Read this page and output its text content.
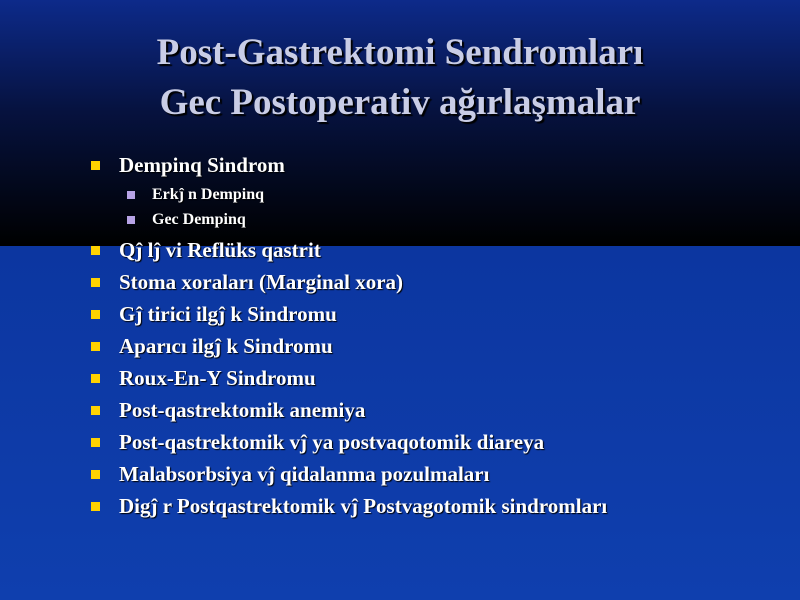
Post-Gastrektomi Sendromları
Gec Postoperativ ağırlaşmalar
Dempinq Sindrom
Erkĵ n Dempinq
Gec Dempinq
Qĵ lĵ vi Reflüks qastrit
Stoma xoraları (Marginal xora)
Gĵ tirici ilgĵ k Sindromu
Aparıcı ilgĵ k Sindromu
Roux-En-Y Sindromu
Post-qastrektomik anemiya
Post-qastrektomik vĵ ya postvaqotomik diareya
Malabsorbsiya vĵ qidalanma pozulmaları
Digĵ r Postqastrektomik vĵ Postvagotomik sindromları
